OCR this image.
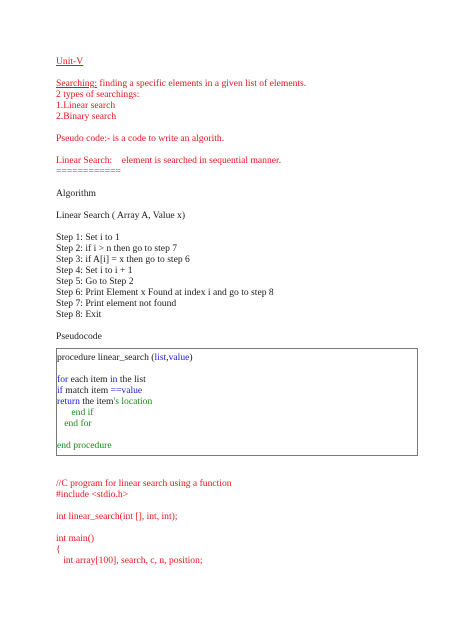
Unit-V
Searching: finding a specific elements in a given list of elements.
2 types of searchings:
1.Linear search
2.Binary search
Pseudo code:- is a code to write an algorith.
Linear Search:    element is searched in sequential manner.
============
Algorithm
Linear Search ( Array A, Value x)
Step 1: Set i to 1
Step 2: if i > n then go to step 7
Step 3: if A[i] = x then go to step 6
Step 4: Set i to i + 1
Step 5: Go to Step 2
Step 6: Print Element x Found at index i and go to step 8
Step 7: Print element not found
Step 8: Exit
Pseudocode
procedure linear_search (list,value)
for each item in the list
if match item ==value
return the item's location
end if
end for
end procedure
//C program for linear search using a function
#include <stdio.h>
int linear_search(int [], int, int);
int main()
{
int array[100], search, c, n, position;
